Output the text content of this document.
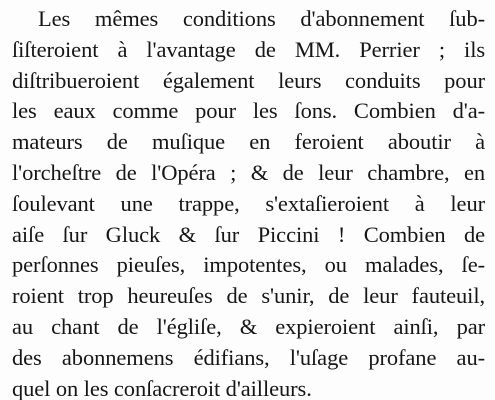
Les mêmes conditions d'abonnement ſub-
ſiſteroient à l'avantage de MM. Perrier ; ils
diſtribueroient également leurs conduits pour
les eaux comme pour les ſons. Combien d'a-
mateurs de muſique en feroient aboutir à
l'orcheſtre de l'Opéra ; & de leur chambre, en
ſoulevant une trappe, s'extaſieroient à leur
aiſe ſur Gluck & ſur Piccini ! Combien de
perſonnes pieuſes, impotentes, ou malades, ſe-
roient trop heureuſes de s'unir, de leur fauteuil,
au chant de l'égliſe, & expieroient ainſi, par
des abonnemens édifians, l'uſage profane au-
quel on les conſacreroit d'ailleurs.
